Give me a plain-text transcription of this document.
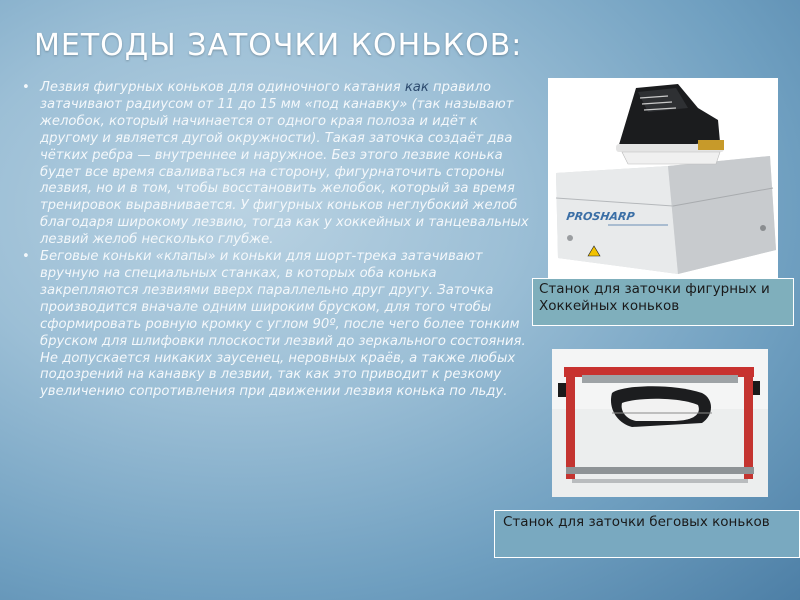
МЕТОДЫ ЗАТОЧКИ КОНЬКОВ:
• Лезвия фигурных коньков для одиночного катания как правило затачивают радиусом от 11 до 15 мм «под канавку» (так называют желобок, который начинается от одного края полоза и идёт к другому и является дугой окружности). Такая заточка создаёт два чётких ребра — внутреннее и наружное. Без этого лезвие конька будет все время сваливаться на сторону, фигурнаточить стороны лезвия, но и в том, чтобы восстановить желобок, который за время тренировок выравнивается. У фигурных коньков неглубокий желоб благодаря широкому лезвию, тогда как у хоккейных и танцевальных лезвий желоб несколько глубже.
• Беговые коньки «клапы» и коньки для шорт-трека затачивают вручную на специальных станках, в которых оба конька закрепляются лезвиями вверх параллельно друг другу. Заточка производится вначале одним широким бруском, для того чтобы сформировать ровную кромку с углом 90º, после чего более тонким бруском для шлифовки плоскости лезвий до зеркального состояния. Не допускается никаких заусенец, неровных краёв, а также любых подозрений на канавку в лезвии, так как это приводит к резкому увеличению сопротивления при движении лезвия конька по льду.
PROSHARP
Станок для заточки фигурных и Хоккейных коньков
Станок для заточки беговых коньков
